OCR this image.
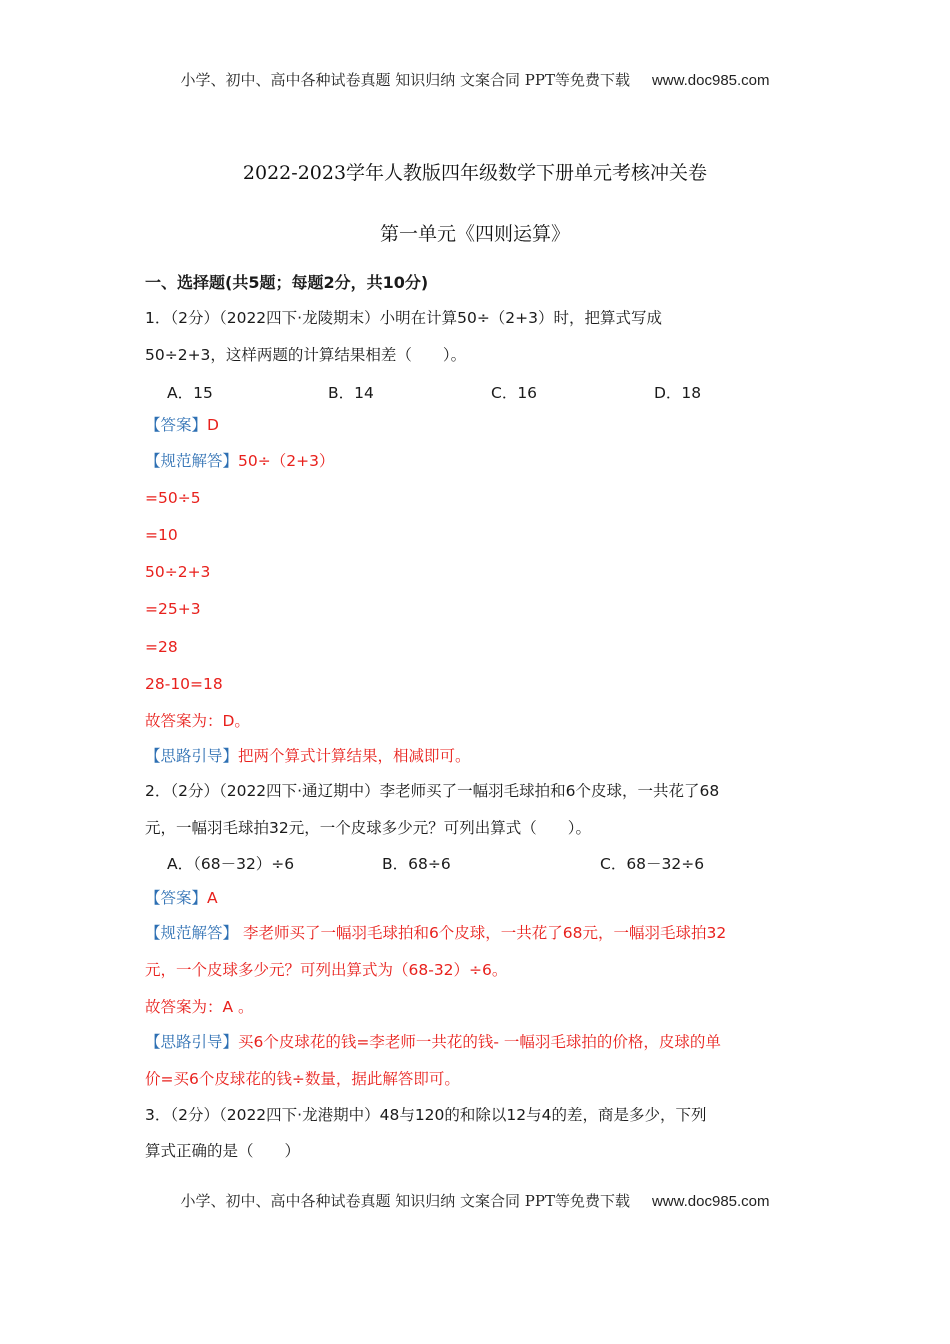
小学、初中、高中各种试卷真题 知识归纳 文案合同 PPT等免费下载 www.doc985.com
2022-2023学年人教版四年级数学下册单元考核冲关卷
第一单元《四则运算》
一、选择题(共5题；每题2分，共10分)
1．（2分）（2022四下·龙陵期末）小明在计算50÷（2+3）时，把算式写成
50÷2+3，这样两题的计算结果相差（　　）。
A．15	B．14	C．16	D．18
【答案】D
【规范解答】50÷（2+3）
=50÷5
=10
50÷2+3
=25+3
=28
28-10=18
故答案为：D。
【思路引导】把两个算式计算结果，相减即可。
2．（2分）（2022四下·通辽期中）李老师买了一幅羽毛球拍和6个皮球，一共花了68
元，一幅羽毛球拍32元，一个皮球多少元？可列出算式（　　）。
A．（68－32）÷6	B．68÷6	C．68－32÷6
【答案】A
【规范解答】 李老师买了一幅羽毛球拍和6个皮球，一共花了68元，一幅羽毛球拍32
元，一个皮球多少元？可列出算式为（68-32）÷6。
故答案为：A 。
【思路引导】买6个皮球花的钱=李老师一共花的钱- 一幅羽毛球拍的价格，皮球的单
价=买6个皮球花的钱÷数量，据此解答即可。
3．（2分）（2022四下·龙港期中）48与120的和除以12与4的差，商是多少，下列
算式正确的是（　　）
小学、初中、高中各种试卷真题 知识归纳 文案合同 PPT等免费下载 www.doc985.com
